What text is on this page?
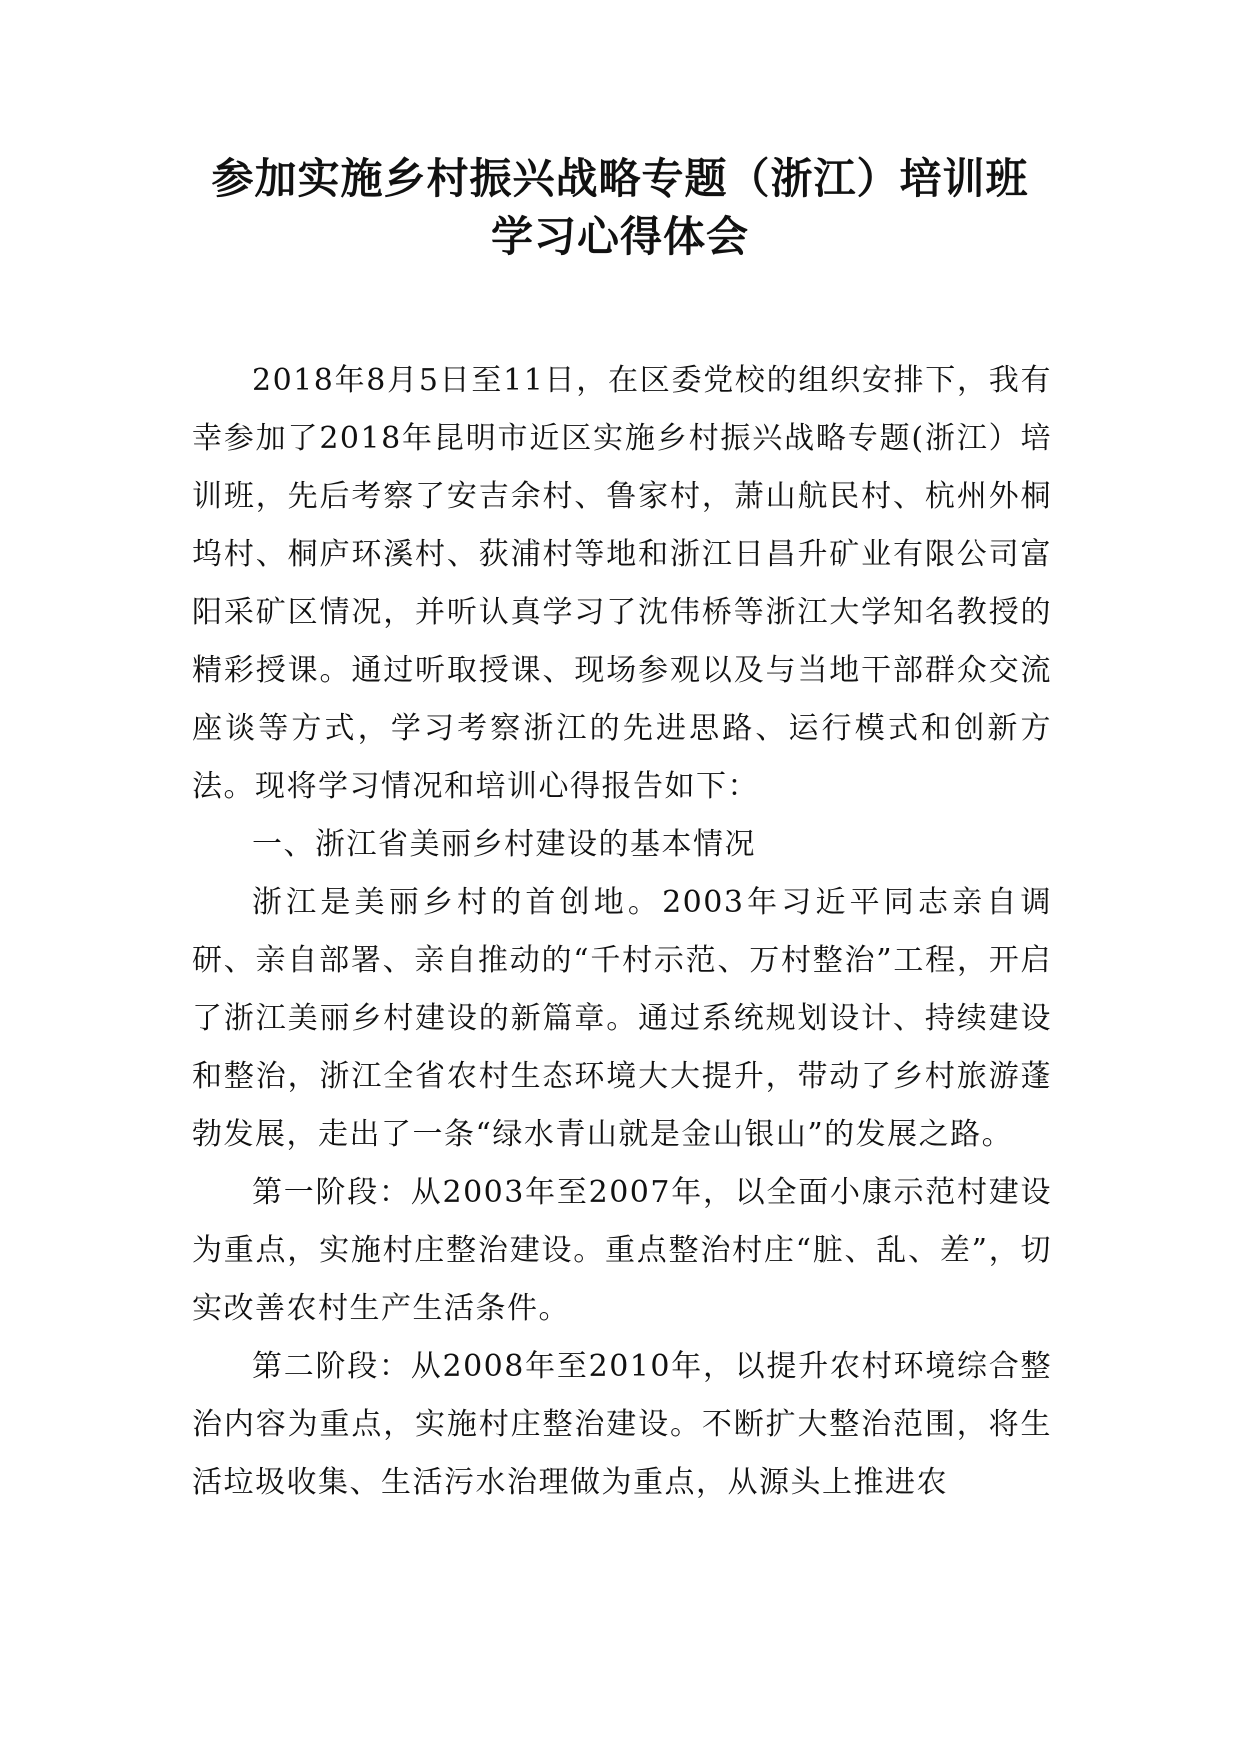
参加实施乡村振兴战略专题（浙江）培训班
学习心得体会

2018年8月5日至11日，在区委党校的组织安排下，我有幸参加了2018年昆明市近区实施乡村振兴战略专题(浙江）培训班，先后考察了安吉余村、鲁家村，萧山航民村、杭州外桐坞村、桐庐环溪村、荻浦村等地和浙江日昌升矿业有限公司富阳采矿区情况，并听认真学习了沈伟桥等浙江大学知名教授的精彩授课。通过听取授课、现场参观以及与当地干部群众交流座谈等方式，学习考察浙江的先进思路、运行模式和创新方法。现将学习情况和培训心得报告如下：

一、浙江省美丽乡村建设的基本情况

浙江是美丽乡村的首创地。2003年习近平同志亲自调研、亲自部署、亲自推动的“千村示范、万村整治”工程，开启了浙江美丽乡村建设的新篇章。通过系统规划设计、持续建设和整治，浙江全省农村生态环境大大提升，带动了乡村旅游蓬勃发展，走出了一条“绿水青山就是金山银山”的发展之路。

第一阶段：从2003年至2007年，以全面小康示范村建设为重点，实施村庄整治建设。重点整治村庄“脏、乱、差”，切实改善农村生产生活条件。

第二阶段：从2008年至2010年，以提升农村环境综合整治内容为重点，实施村庄整治建设。不断扩大整治范围，将生活垃圾收集、生活污水治理做为重点，从源头上推进农
